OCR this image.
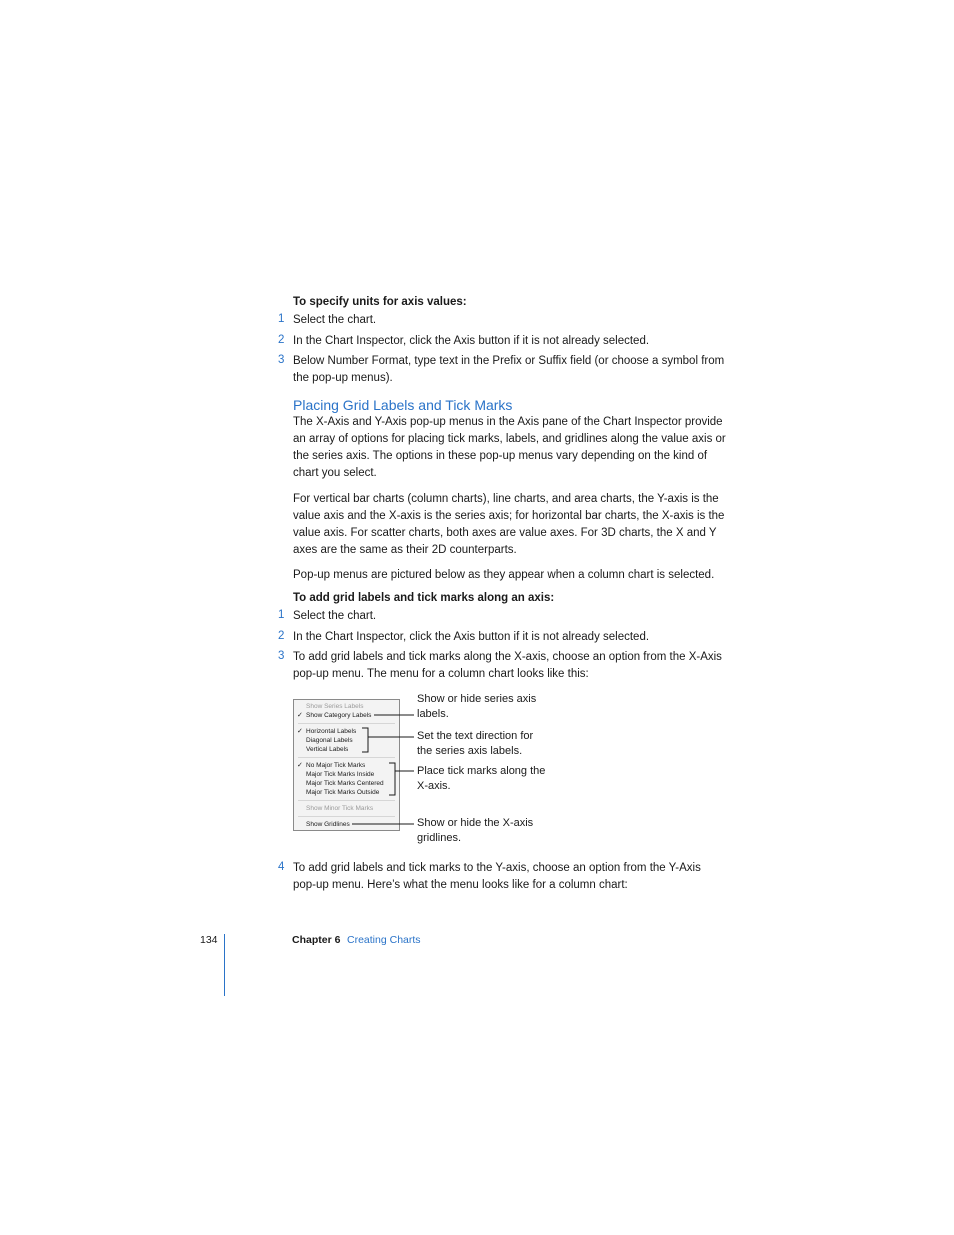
To specify units for axis values:
1 Select the chart.
2 In the Chart Inspector, click the Axis button if it is not already selected.
3 Below Number Format, type text in the Prefix or Suffix field (or choose a symbol from the pop-up menus).
Placing Grid Labels and Tick Marks
The X-Axis and Y-Axis pop-up menus in the Axis pane of the Chart Inspector provide an array of options for placing tick marks, labels, and gridlines along the value axis or the series axis. The options in these pop-up menus vary depending on the kind of chart you select.
For vertical bar charts (column charts), line charts, and area charts, the Y-axis is the value axis and the X-axis is the series axis; for horizontal bar charts, the X-axis is the value axis. For scatter charts, both axes are value axes. For 3D charts, the X and Y axes are the same as their 2D counterparts.
Pop-up menus are pictured below as they appear when a column chart is selected.
To add grid labels and tick marks along an axis:
1 Select the chart.
2 In the Chart Inspector, click the Axis button if it is not already selected.
3 To add grid labels and tick marks along the X-axis, choose an option from the X-Axis pop-up menu. The menu for a column chart looks like this:
Show Series Labels
✓ Show Category Labels
✓ Horizontal Labels
Diagonal Labels
Vertical Labels
✓ No Major Tick Marks
Major Tick Marks Inside
Major Tick Marks Centered
Major Tick Marks Outside
Show Minor Tick Marks
Show Gridlines
Show or hide series axis labels.
Set the text direction for the series axis labels.
Place tick marks along the X-axis.
Show or hide the X-axis gridlines.
4 To add grid labels and tick marks to the Y-axis, choose an option from the Y-Axis pop-up menu. Here’s what the menu looks like for a column chart:
134	Chapter 6 Creating Charts
